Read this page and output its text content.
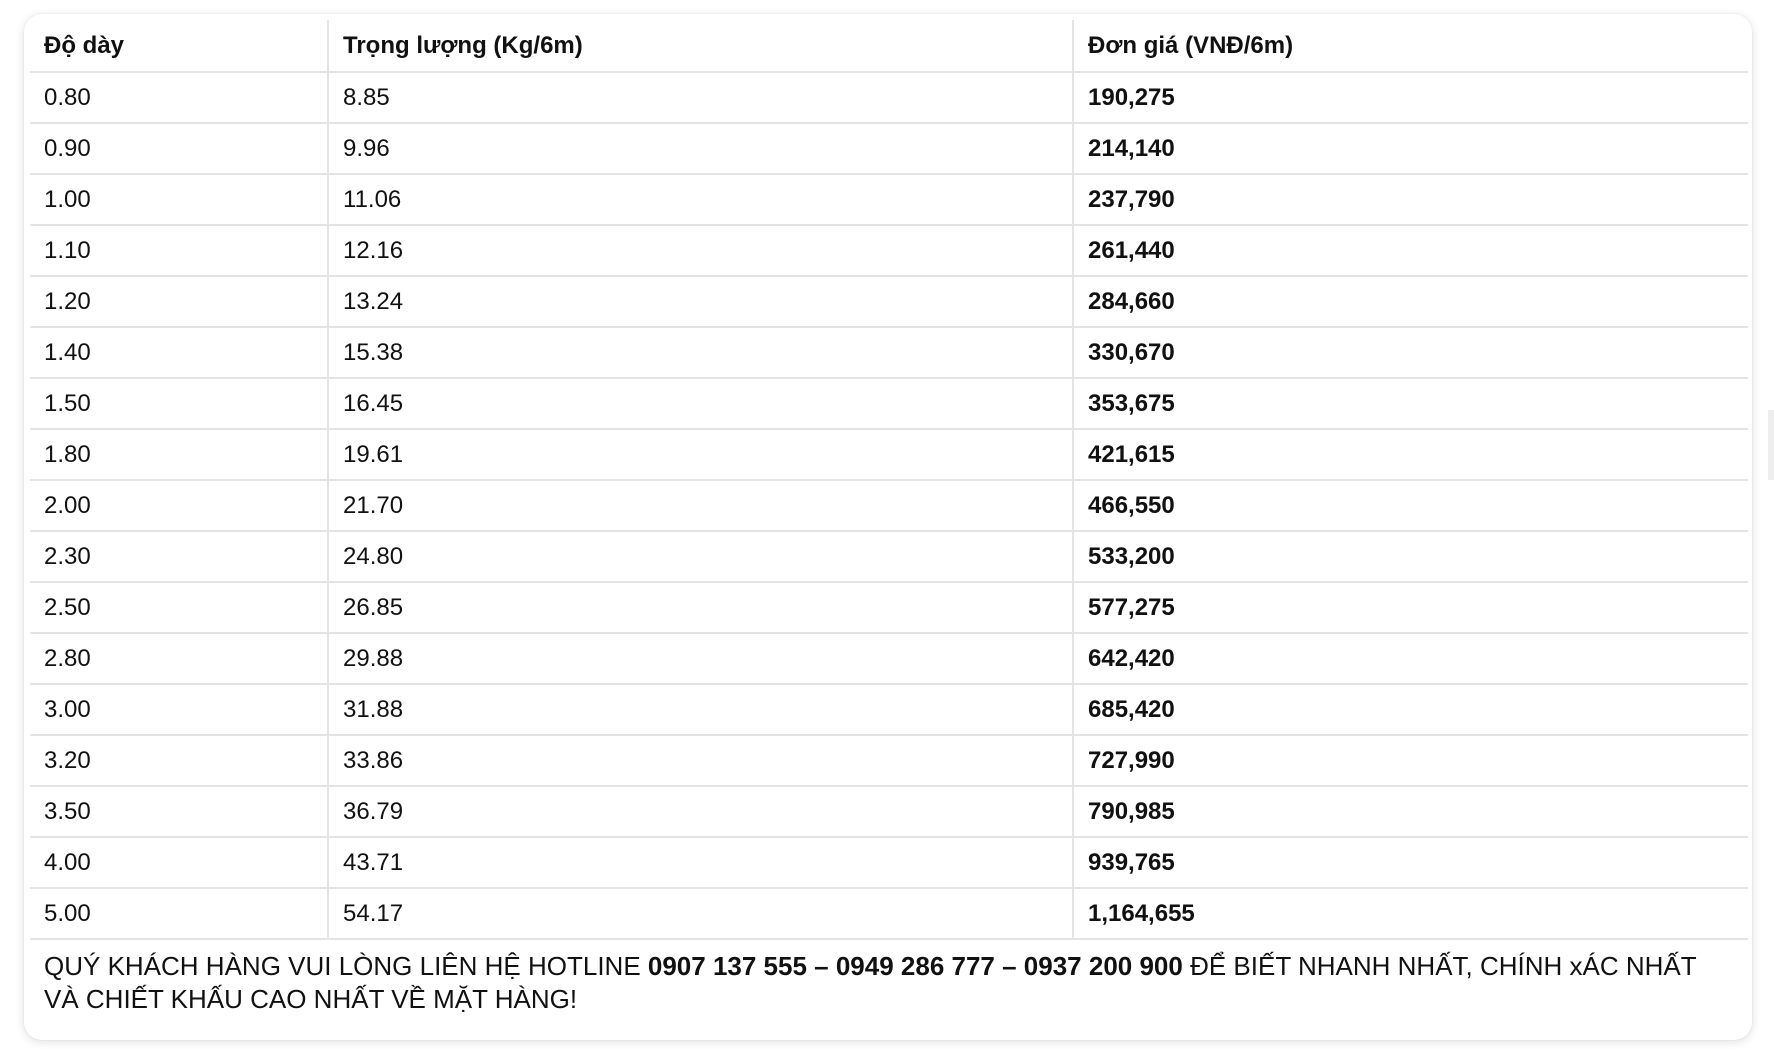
Độ dày	Trọng lượng (Kg/6m)	Đơn giá (VNĐ/6m)
0.80	8.85	190,275
0.90	9.96	214,140
1.00	11.06	237,790
1.10	12.16	261,440
1.20	13.24	284,660
1.40	15.38	330,670
1.50	16.45	353,675
1.80	19.61	421,615
2.00	21.70	466,550
2.30	24.80	533,200
2.50	26.85	577,275
2.80	29.88	642,420
3.00	31.88	685,420
3.20	33.86	727,990
3.50	36.79	790,985
4.00	43.71	939,765
5.00	54.17	1,164,655
QUÝ KHÁCH HÀNG VUI LÒNG LIÊN HỆ HOTLINE 0907 137 555 – 0949 286 777 – 0937 200 900 ĐỂ BIẾT NHANH NHẤT, CHÍNH xÁC NHẤT VÀ CHIẾT KHẤU CAO NHẤT VỀ MẶT HÀNG!		
